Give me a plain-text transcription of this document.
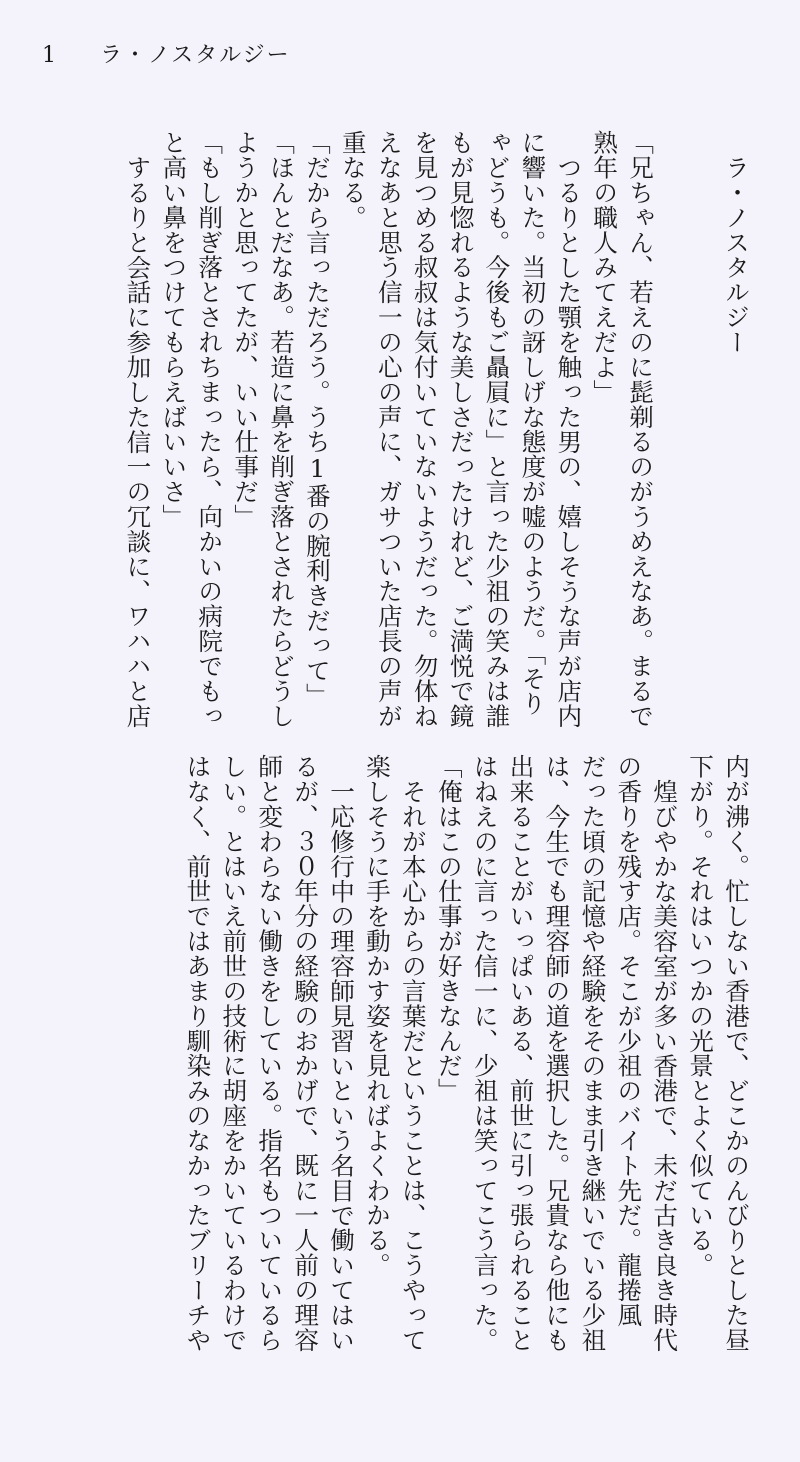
1	ラ・ノスタルジー
ラ・ノスタルジー
「兄ちゃん、若えのに髭剃るのがうめえなあ。まるで
熟年の職人みてえだよ」
つるりとした顎を触った男の、嬉しそうな声が店内
に響いた。当初の訝しげな態度が嘘のようだ。「そり
ゃどうも。今後もご贔屓に」と言った少祖の笑みは誰
もが見惚れるような美しさだったけれど、ご満悦で鏡
を見つめる叔叔は気付いていないようだった。勿体ね
えなあと思う信一の心の声に、ガサついた店長の声が
重なる。
「だから言っただろう。うち1番の腕利きだって」
「ほんとだなあ。若造に鼻を削ぎ落とされたらどうし
ようかと思ってたが、いい仕事だ」
「もし削ぎ落とされちまったら、向かいの病院でもっ
と高い鼻をつけてもらえばいいさ」
するりと会話に参加した信一の冗談に、ワハハと店
内が沸く。忙しない香港で、どこかのんびりとした昼
下がり。それはいつかの光景とよく似ている。
煌びやかな美容室が多い香港で、未だ古き良き時代
の香りを残す店。そこが少祖のバイト先だ。龍捲風
だった頃の記憶や経験をそのまま引き継いでいる少祖
は、今生でも理容師の道を選択した。兄貴なら他にも
出来ることがいっぱいある、前世に引っ張られること
はねえのに言った信一に、少祖は笑ってこう言った。
「俺はこの仕事が好きなんだ」
それが本心からの言葉だということは、こうやって
楽しそうに手を動かす姿を見ればよくわかる。
一応修行中の理容師見習いという名目で働いてはい
るが、３０年分の経験のおかげで、既に一人前の理容
師と変わらない働きをしている。指名もついているら
しい。とはいえ前世の技術に胡座をかいているわけで
はなく、前世ではあまり馴染みのなかったブリーチや
